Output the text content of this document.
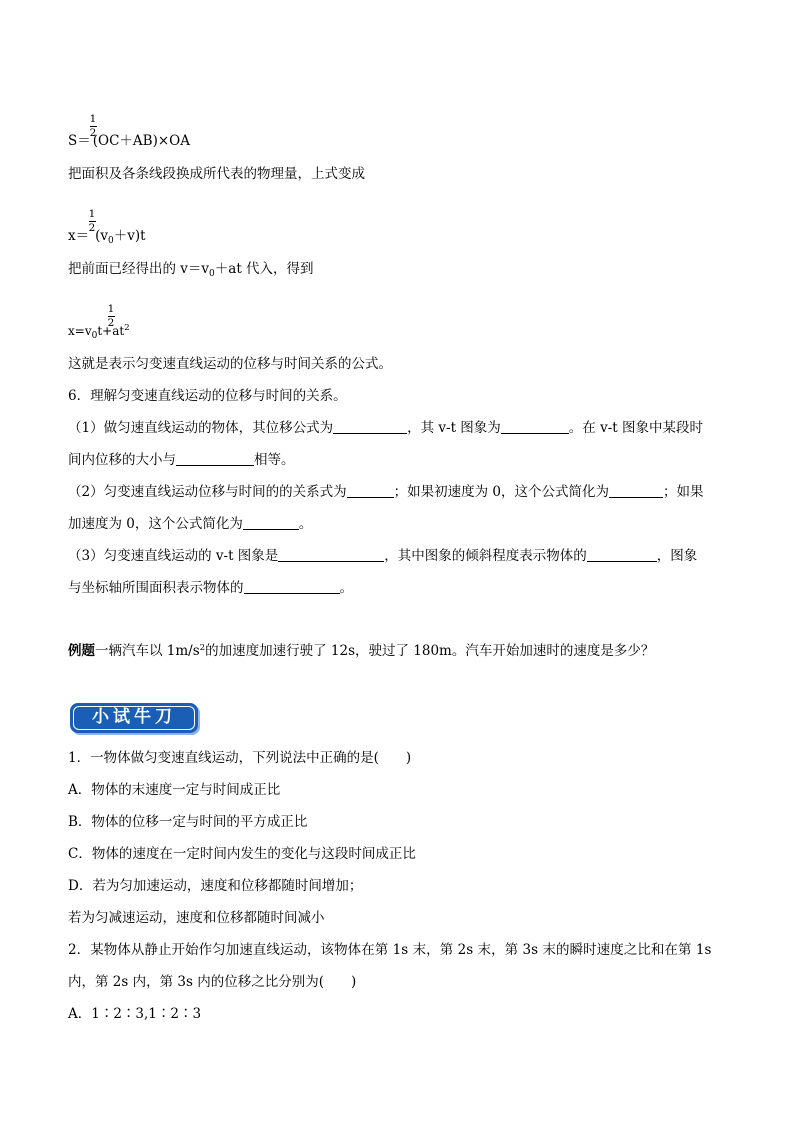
1
2
S＝ (OC＋AB)×OA
把面积及各条线段换成所代表的物理量，上式变成
1
2
$x= (v_0+v)t$
把前面已经得出的 $v=v_0+at$ 代入，得到
1
2
$x=v_0t+at^2$
这就是表示匀变速直线运动的位移与时间关系的公式。
6．理解匀变速直线运动的位移与时间的关系。
（1）做匀速直线运动的物体，其位移公式为	，其 v-t 图象为	。在 v-t 图象中某段时
间内位移的大小与	相等。
（2）匀变速直线运动位移与时间的的关系式为	；如果初速度为 0，这个公式简化为	；如果
加速度为 0，这个公式简化为	。
（3）匀变速直线运动的 v-t 图象是	，其中图象的倾斜程度表示物体的	，图象
与坐标轴所围面积表示物体的	。
例题一辆汽车以 $1m/s^2$的加速度加速行驶了 12s，驶过了 180m。汽车开始加速时的速度是多少？
小试牛刀
1．一物体做匀变速直线运动，下列说法中正确的是(　　)
A．物体的末速度一定与时间成正比
B．物体的位移一定与时间的平方成正比
C．物体的速度在一定时间内发生的变化与这段时间成正比
D．若为匀加速运动，速度和位移都随时间增加；
若为匀减速运动，速度和位移都随时间减小
2．某物体从静止开始作匀加速直线运动，该物体在第 1s 末，第 2s 末，第 3s 末的瞬时速度之比和在第 1s
内，第 2s 内，第 3s 内的位移之比分别为(　　)
A．1∶2∶3,1∶2∶3
